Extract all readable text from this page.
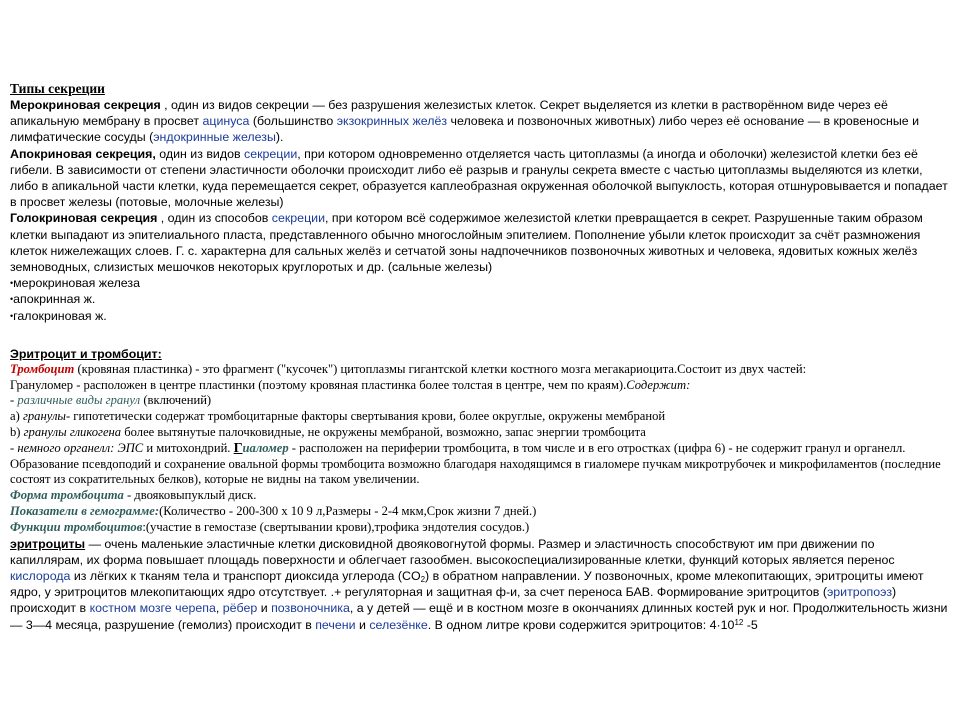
Типы секреции

Мерокриновая секреция , один из видов секреции — без разрушения железистых клеток. Секрет выделяется из клетки в растворённом виде через её апикальную мембрану в просвет ацинуса (большинство экзокринных желёз человека и позвоночных животных) либо через её основание — в кровеносные и лимфатические сосуды (эндокринные железы).

Апокриновая секреция, один из видов секреции, при котором одновременно отделяется часть цитоплазмы (а иногда и оболочки) железистой клетки без её гибели. В зависимости от степени эластичности оболочки происходит либо её разрыв и гранулы секрета вместе с частью цитоплазмы выделяются из клетки, либо в апикальной части клетки, куда перемещается секрет, образуется каплеобразная окруженная оболочкой выпуклость, которая отшнуровывается и попадает в просвет железы (потовые, молочные железы)

Голокриновая секреция , один из способов секреции, при котором всё содержимое железистой клетки превращается в секрет. Разрушенные таким образом клетки выпадают из эпителиального пласта, представленного обычно многослойным эпителием. Пополнение убыли клеток происходит за счёт размножения клеток нижележащих слоев. Г. с. характерна для сальных желёз и сетчатой зоны надпочечников позвоночных животных и человека, ядовитых кожных желёз земноводных, слизистых мешочков некоторых круглоротых и др. (сальные железы)

• мерокриновая железа
• апокринная ж.
• галокриновая ж.
Эритроцит и тромбоцит:
Тромбоцит (кровяная пластинка) - это фрагмент ("кусочек") цитоплазмы гигантской клетки костного мозга мегакариоцита.Состоит из двух частей:
Грануломер - расположен в центре пластинки (поэтому кровяная пластинка более толстая в центре, чем по краям).Содержит:
- различные виды гранул (включений)
а) гранулы- гипотетически содержат тромбоцитарные факторы свертывания крови, более округлые, окружены мембраной
b) гранулы гликогена более вытянутые палочковидные, не окружены мембраной, возможно, запас энергии тромбоцита
- немного органелл: ЭПС и митохондрий. Гиаломер - расположен на периферии тромбоцита, в том числе и в его отростках (цифра 6) - не содержит гранул и органелл. Образование псевдоподий и сохранение овальной формы тромбоцита возможно благодаря находящимся в гиаломере пучкам микротрубочек и микрофиламентов (последние состоят из сократительных белков), которые не видны на таком увеличении.
Форма тромбоцита - двояковыпуклый диск.
Показатели в гемограмме:(Количество - 200-300 х 10 9 л,Размеры - 2-4 мкм,Срок жизни 7 дней.)
Функции тромбоцитов:(участие в гемостазе (свертывании крови),трофика эндотелия сосудов.)

эритроциты — очень маленькие эластичные клетки дисковидной двояковогнутой формы. Размер и эластичность способствуют им при движении по капиллярам, их форма повышает площадь поверхности и облегчает газообмен. высокоспециализированные клетки, функций которых является перенос кислорода из лёгких к тканям тела и транспорт диоксида углерода $(CO_2)$ в обратном направлении. У позвоночных, кроме млекопитающих, эритроциты имеют ядро, у эритроцитов млекопитающих ядро отсутствует. .+ регуляторная и защитная ф-и, за счет переноса БАВ. Формирование эритроцитов (эритропоэз) происходит в костном мозге черепа, рёбер и позвоночника, а у детей — ещё и в костном мозге в окончаниях длинных костей рук и ног. Продолжительность жизни — 3—4 месяца, разрушение (гемолиз) происходит в печени и селезёнке. В одном литре крови содержится эритроцитов: $4\cdot 10^{12}$ -5
